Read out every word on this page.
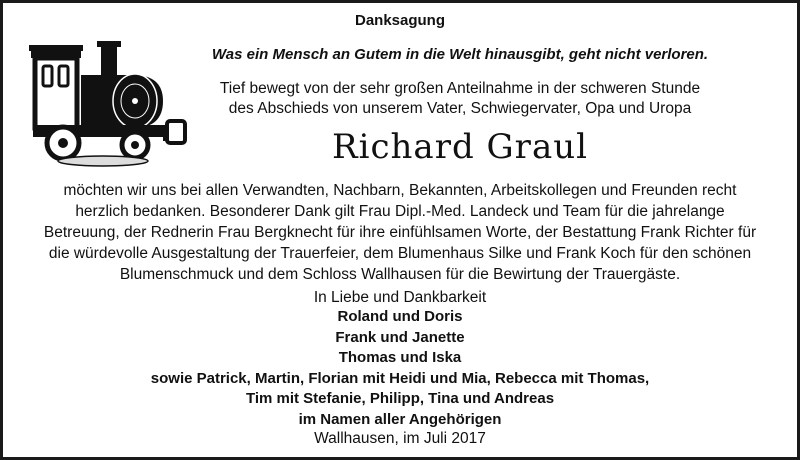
Danksagung
Was ein Mensch an Gutem in die Welt hinausgibt, geht nicht verloren.
Tief bewegt von der sehr großen Anteilnahme in der schweren Stunde
des Abschieds von unserem Vater, Schwiegervater, Opa und Uropa
Richard Graul
möchten wir uns bei allen Verwandten, Nachbarn, Bekannten, Arbeitskollegen und Freunden recht
herzlich bedanken. Besonderer Dank gilt Frau Dipl.-Med. Landeck und Team für die jahrelange
Betreuung, der Rednerin Frau Bergknecht für ihre einfühlsamen Worte, der Bestattung Frank Richter für
die würdevolle Ausgestaltung der Trauerfeier, dem Blumenhaus Silke und Frank Koch für den schönen
Blumenschmuck und dem Schloss Wallhausen für die Bewirtung der Trauergäste.
In Liebe und Dankbarkeit
Roland und Doris
Frank und Janette
Thomas und Iska
sowie Patrick, Martin, Florian mit Heidi und Mia, Rebecca mit Thomas,
Tim mit Stefanie, Philipp, Tina und Andreas
im Namen aller Angehörigen
Wallhausen, im Juli 2017
